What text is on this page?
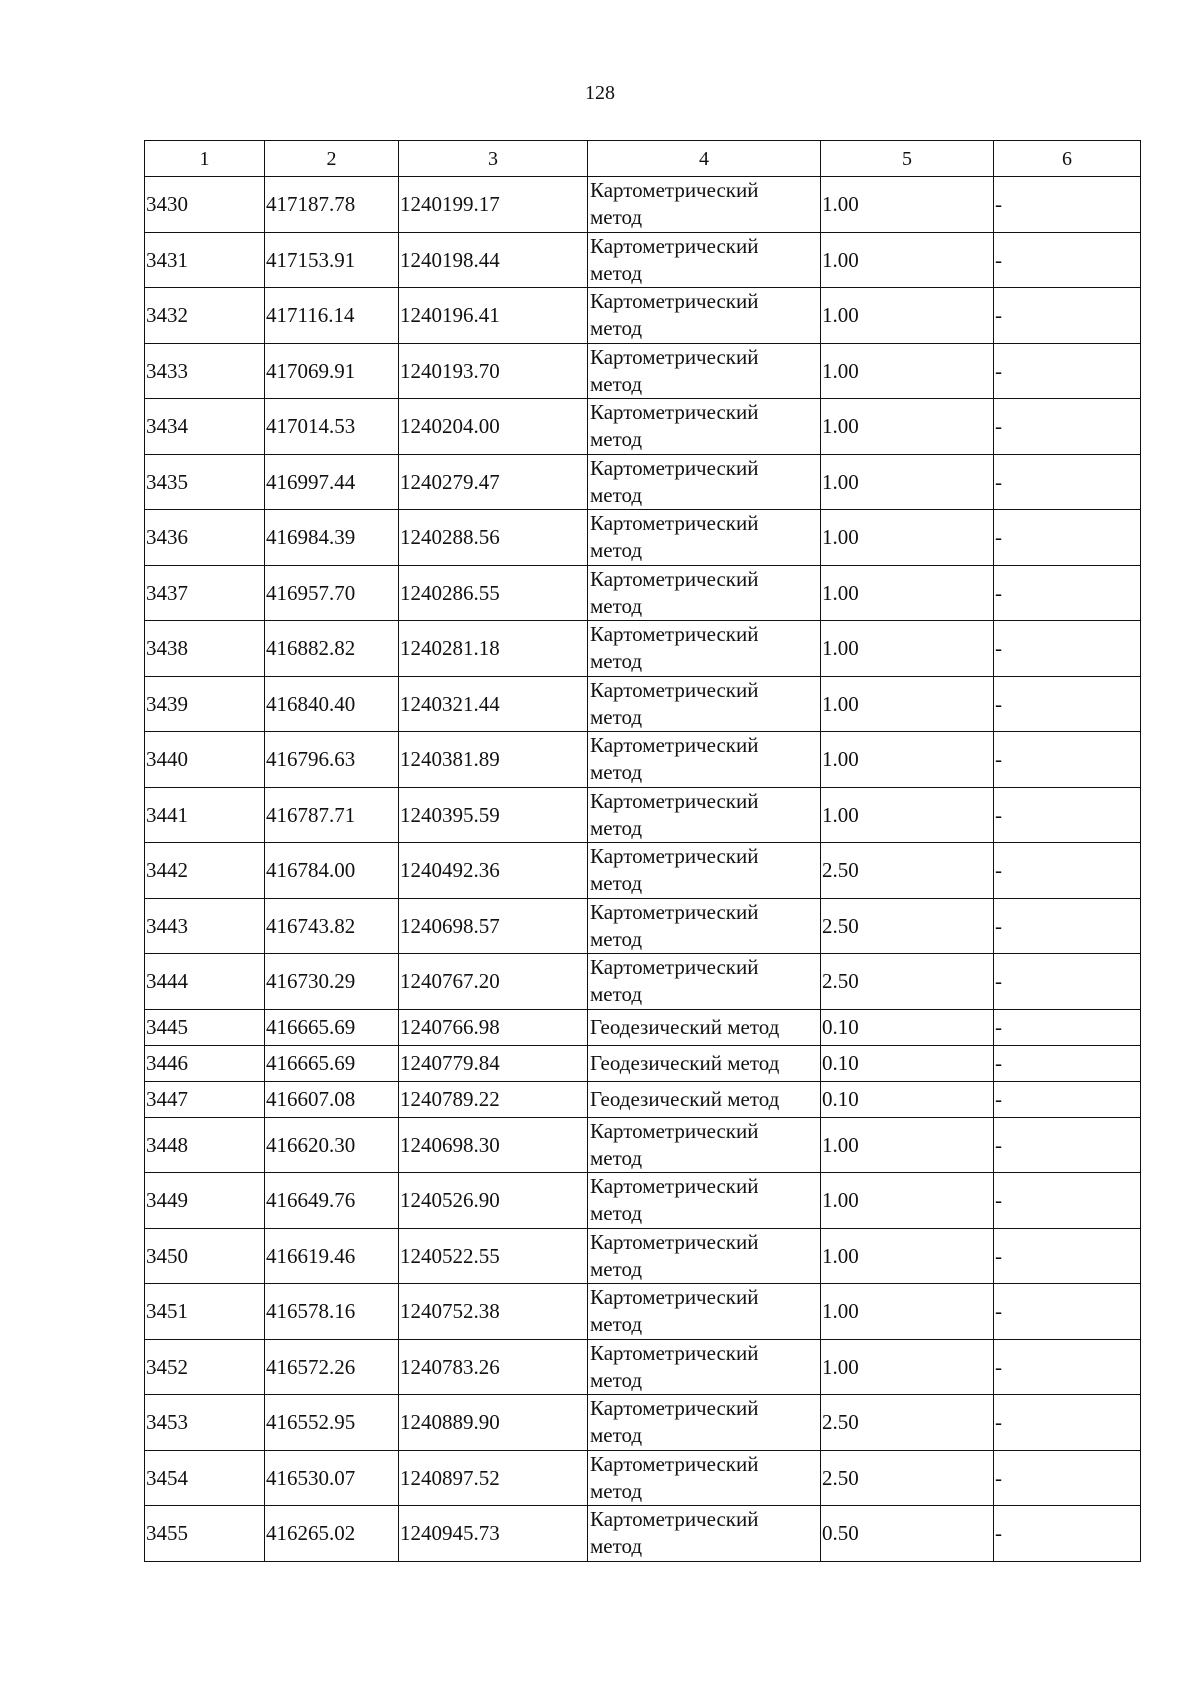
128
1	2	3	4	5	6
3430	417187.78	1240199.17	Картометрический
метод	1.00	-
3431	417153.91	1240198.44	Картометрический
метод	1.00	-
3432	417116.14	1240196.41	Картометрический
метод	1.00	-
3433	417069.91	1240193.70	Картометрический
метод	1.00	-
3434	417014.53	1240204.00	Картометрический
метод	1.00	-
3435	416997.44	1240279.47	Картометрический
метод	1.00	-
3436	416984.39	1240288.56	Картометрический
метод	1.00	-
3437	416957.70	1240286.55	Картометрический
метод	1.00	-
3438	416882.82	1240281.18	Картометрический
метод	1.00	-
3439	416840.40	1240321.44	Картометрический
метод	1.00	-
3440	416796.63	1240381.89	Картометрический
метод	1.00	-
3441	416787.71	1240395.59	Картометрический
метод	1.00	-
3442	416784.00	1240492.36	Картометрический
метод	2.50	-
3443	416743.82	1240698.57	Картометрический
метод	2.50	-
3444	416730.29	1240767.20	Картометрический
метод	2.50	-
3445	416665.69	1240766.98	Геодезический метод	0.10	-
3446	416665.69	1240779.84	Геодезический метод	0.10	-
3447	416607.08	1240789.22	Геодезический метод	0.10	-
3448	416620.30	1240698.30	Картометрический
метод	1.00	-
3449	416649.76	1240526.90	Картометрический
метод	1.00	-
3450	416619.46	1240522.55	Картометрический
метод	1.00	-
3451	416578.16	1240752.38	Картометрический
метод	1.00	-
3452	416572.26	1240783.26	Картометрический
метод	1.00	-
3453	416552.95	1240889.90	Картометрический
метод	2.50	-
3454	416530.07	1240897.52	Картометрический
метод	2.50	-
3455	416265.02	1240945.73	Картометрический
метод	0.50	-
